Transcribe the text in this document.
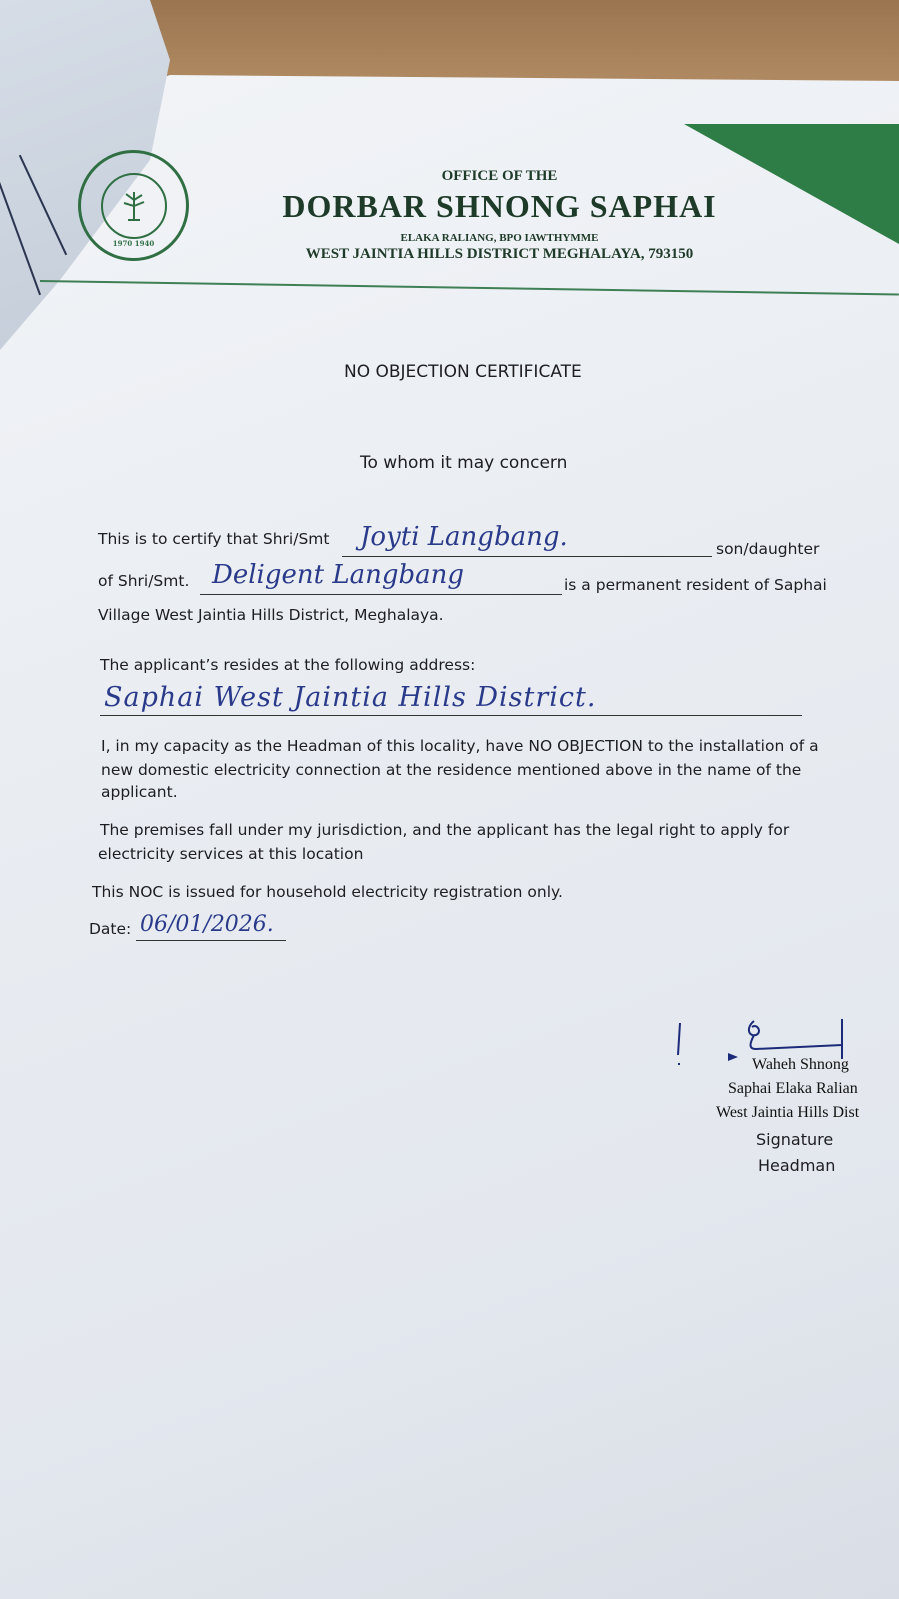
1970 1940
OFFICE OF THE
DORBAR SHNONG SAPHAI
ELAKA RALIANG, BPO IAWTHYMME
WEST JAINTIA HILLS DISTRICT MEGHALAYA, 793150
NO OBJECTION CERTIFICATE
To whom it may concern
This is to certify that Shri/Smt Joyti Langbang.	son/daughter
of Shri/Smt. Deligent Langbang	is a permanent resident of Saphai
Village West Jaintia Hills District, Meghalaya.
The applicant’s resides at the following address:
Saphai West Jaintia Hills District.
I, in my capacity as the Headman of this locality, have NO OBJECTION to the installation of a
new domestic electricity connection at the residence mentioned above in the name of the
applicant.
The premises fall under my jurisdiction, and the applicant has the legal right to apply for
electricity services at this location
This NOC is issued for household electricity registration only.
Date: 06/01/2026.
Waheh Shnong
Saphai Elaka Ralian
West Jaintia Hills Dist
Signature
Headman
